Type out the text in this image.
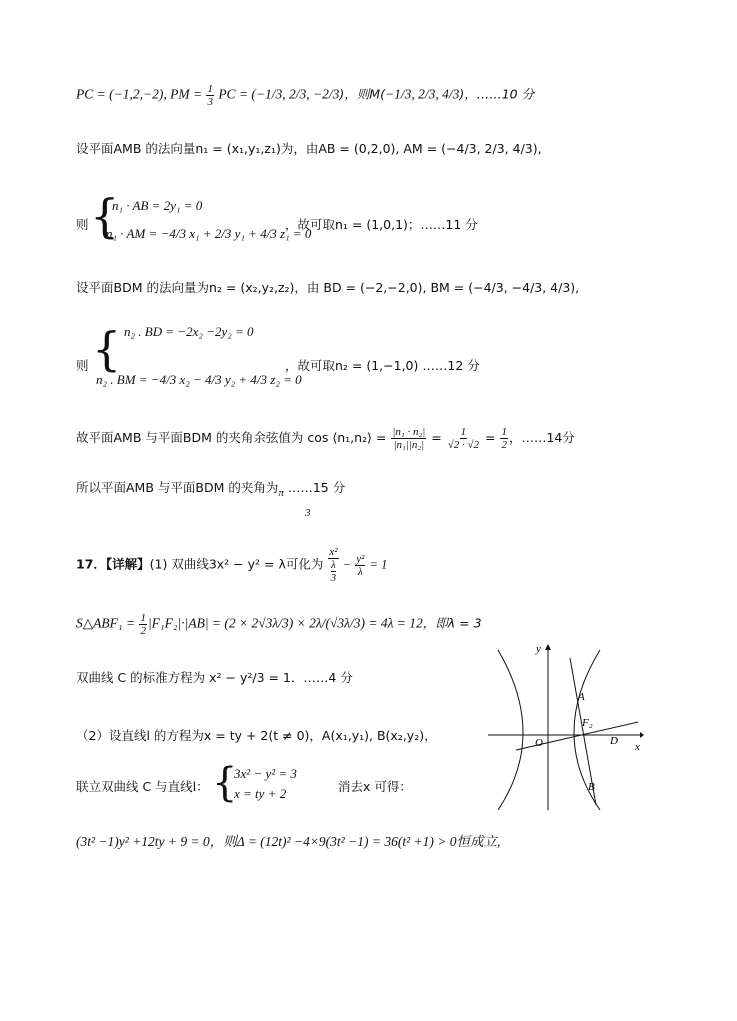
PC = (−1,2,−2), PM = $\frac{1}{3}$ PC = (−1/3, 2/3, −2/3)，则M(−1/3, 2/3, 4/3)，……10 分
设平面AMB 的法向量n₁ = (x₁,y₁,z₁)为，由AB = (0,2,0), AM = (−4/3, 2/3, 4/3),
则 {
n₁ · AB = 2y₁ = 0
n₁ · AM = −4/3 x₁ + 2/3 y₁ + 4/3 z₁ = 0
，故可取n₁ = (1,0,1)；……11 分
设平面BDM 的法向量为n₂ = (x₂,y₂,z₂)，由 BD = (−2,−2,0), BM = (−4/3, −4/3, 4/3),
则 { n₂ . BD = −2x₂ −2y₂ = 0
n₂ . BM = −4/3 x₂ − 4/3 y₂ + 4/3 z₂ = 0
，故可取n₂ = (1,−1,0) ……12 分
故平面AMB 与平面BDM 的夹角余弦值为 cos ⟨n₁,n₂⟩ = $\frac{\text{|n₁ · n₂|}}{\text{|n₁||n₂|}} = \frac{1}{√2 \cdot √2} = \frac{1}{2}$ ，……14分
所以平面AMB 与平面BDM 的夹角为π ……15 分
3
17．【详解】(1) 双曲线3x² − y² = λ可化为 x²
λ
$3 - \frac{\text{y²}}{\lambda} = 1$
S△ABF₁ = $\frac{1}{2} |F_1F_2|\cdot|AB| = (2 \times 2√3\lambda/3) \times 2\lambda/(√3\lambda/3) = 4\lambda = 12$，即λ = 3
双曲线 C 的标准方程为 x² − y²/3 = 1．……4 分
y
x
O
A
F₂
D
B
（2）设直线l 的方程为x = ty + 2(t ≠ 0)，A(x₁,y₁), B(x₂,y₂)，
联立双曲线 C 与直线l： {
3x² − y² = 3
x = ty + 2	消去x 可得：
(3t² −1)y² +12ty + 9 = 0，则Δ = (12t)² −4×9(3t² −1) = 36(t² +1) > 0恒成立,
